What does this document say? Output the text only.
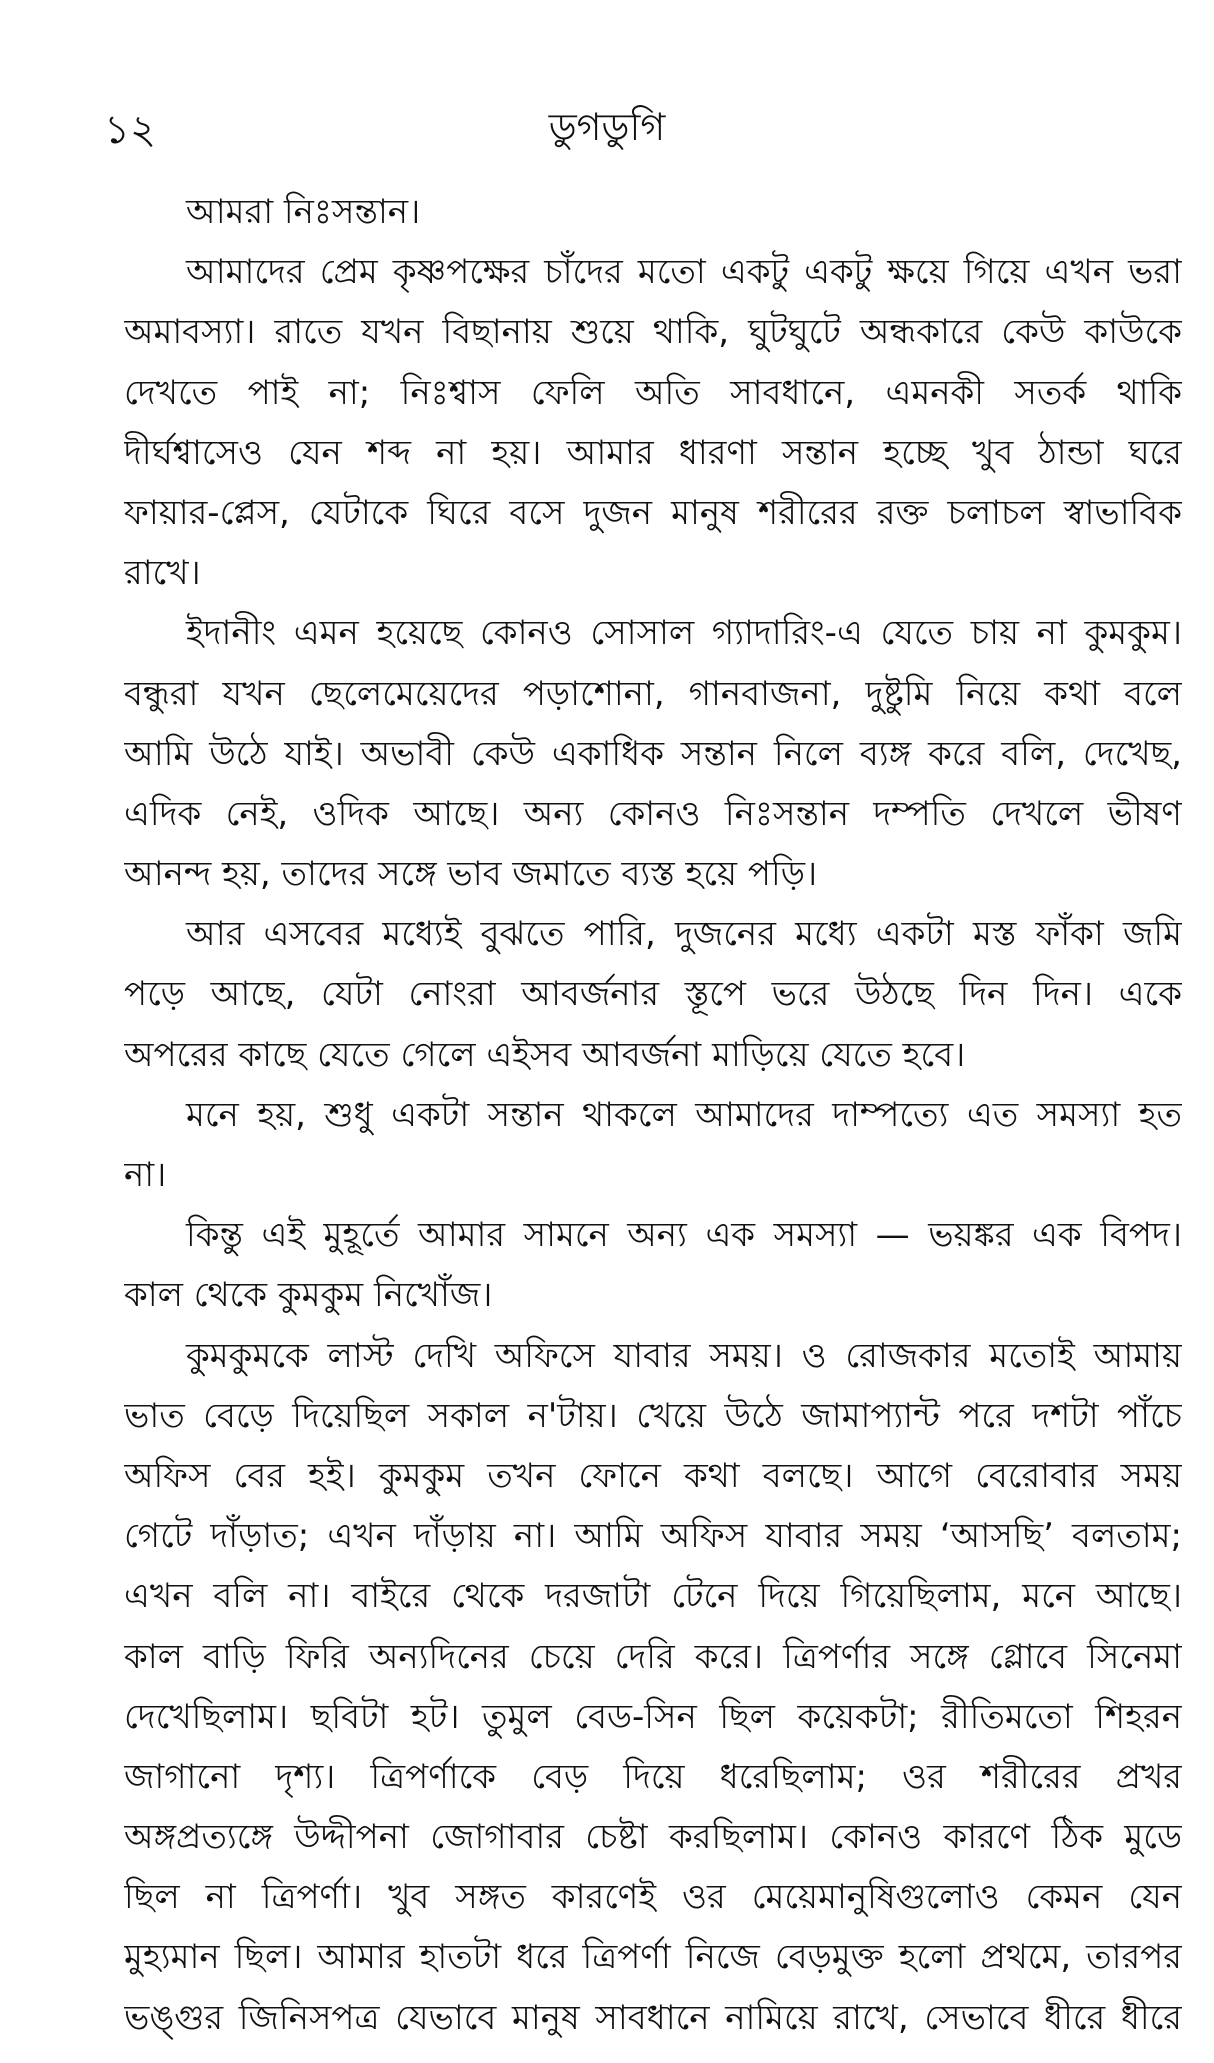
১২	ডুগডুগি
আমরা নিঃসন্তান।
আমাদের প্রেম কৃষ্ণপক্ষের চাঁদের মতো একটু একটু ক্ষয়ে গিয়ে এখন ভরা
অমাবস্যা। রাতে যখন বিছানায় শুয়ে থাকি, ঘুটঘুটে অন্ধকারে কেউ কাউকে
দেখতে পাই না; নিঃশ্বাস ফেলি অতি সাবধানে, এমনকী সতর্ক থাকি
দীর্ঘশ্বাসেও যেন শব্দ না হয়। আমার ধারণা সন্তান হচ্ছে খুব ঠান্ডা ঘরে
ফায়ার-প্লেস, যেটাকে ঘিরে বসে দুজন মানুষ শরীরের রক্ত চলাচল স্বাভাবিক
রাখে।
ইদানীং এমন হয়েছে কোনও সোসাল গ্যাদারিং-এ যেতে চায় না কুমকুম।
বন্ধুরা যখন ছেলেমেয়েদের পড়াশোনা, গানবাজনা, দুষ্টুমি নিয়ে কথা বলে
আমি উঠে যাই। অভাবী কেউ একাধিক সন্তান নিলে ব্যঙ্গ করে বলি, দেখেছ,
এদিক নেই, ওদিক আছে। অন্য কোনও নিঃসন্তান দম্পতি দেখলে ভীষণ
আনন্দ হয়, তাদের সঙ্গে ভাব জমাতে ব্যস্ত হয়ে পড়ি।
আর এসবের মধ্যেই বুঝতে পারি, দুজনের মধ্যে একটা মস্ত ফাঁকা জমি
পড়ে আছে, যেটা নোংরা আবর্জনার স্তূপে ভরে উঠছে দিন দিন। একে
অপরের কাছে যেতে গেলে এইসব আবর্জনা মাড়িয়ে যেতে হবে।
মনে হয়, শুধু একটা সন্তান থাকলে আমাদের দাম্পত্যে এত সমস্যা হত
না।
কিন্তু এই মুহূর্তে আমার সামনে অন্য এক সমস্যা — ভয়ঙ্কর এক বিপদ।
কাল থেকে কুমকুম নিখোঁজ।
কুমকুমকে লাস্ট দেখি অফিসে যাবার সময়। ও রোজকার মতোই আমায়
ভাত বেড়ে দিয়েছিল সকাল ন'টায়। খেয়ে উঠে জামাপ্যান্ট পরে দশটা পাঁচে
অফিস বের হই। কুমকুম তখন ফোনে কথা বলছে। আগে বেরোবার সময়
গেটে দাঁড়াত; এখন দাঁড়ায় না। আমি অফিস যাবার সময় ‘আসছি’ বলতাম;
এখন বলি না। বাইরে থেকে দরজাটা টেনে দিয়ে গিয়েছিলাম, মনে আছে।
কাল বাড়ি ফিরি অন্যদিনের চেয়ে দেরি করে। ত্রিপর্ণার সঙ্গে গ্লোবে সিনেমা
দেখেছিলাম। ছবিটা হট। তুমুল বেড-সিন ছিল কয়েকটা; রীতিমতো শিহরন
জাগানো দৃশ্য। ত্রিপর্ণাকে বেড় দিয়ে ধরেছিলাম; ওর শরীরের প্রখর
অঙ্গপ্রত্যঙ্গে উদ্দীপনা জোগাবার চেষ্টা করছিলাম। কোনও কারণে ঠিক মুডে
ছিল না ত্রিপর্ণা। খুব সঙ্গত কারণেই ওর মেয়েমানুষিগুলোও কেমন যেন
মুহ্যমান ছিল। আমার হাতটা ধরে ত্রিপর্ণা নিজে বেড়মুক্ত হলো প্রথমে, তারপর
ভঙ্গুর জিনিসপত্র যেভাবে মানুষ সাবধানে নামিয়ে রাখে, সেভাবে ধীরে ধীরে
